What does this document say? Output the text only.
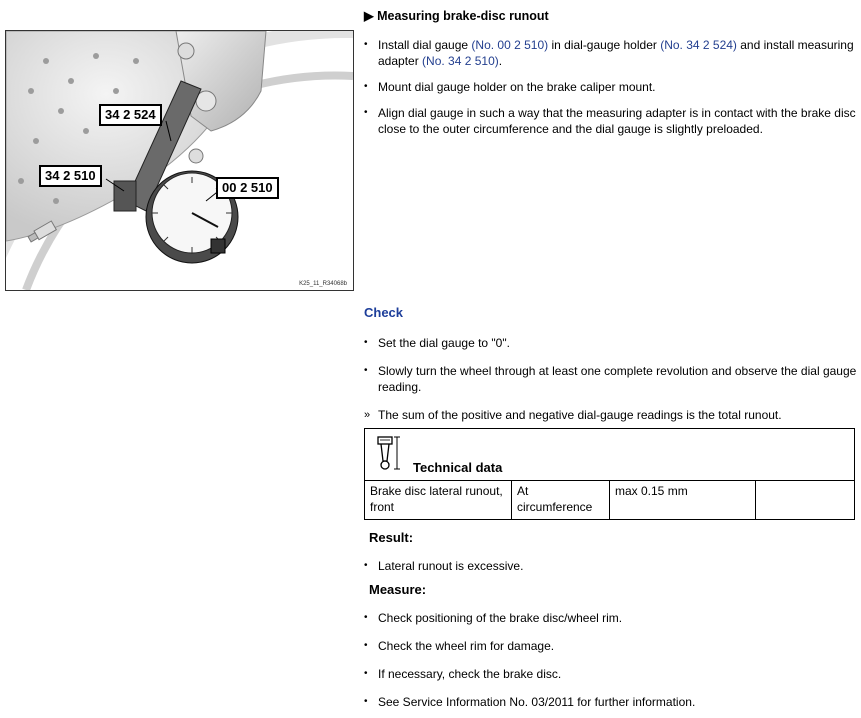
34 2 524
34 2 510
00 2 510
K25_11_R34068b
▶ Measuring brake-disc runout
• Install dial gauge (No. 00 2 510) in dial-gauge holder (No. 34 2 524) and install measuring adapter (No. 34 2 510).
• Mount dial gauge holder on the brake caliper mount.
• Align dial gauge in such a way that the measuring adapter is in contact with the brake disc close to the outer circumference and the dial gauge is slightly preloaded.
Check
• Set the dial gauge to "0".
• Slowly turn the wheel through at least one complete revolution and observe the dial gauge reading.
» The sum of the positive and negative dial-gauge readings is the total runout.
Technical data
Brake disc lateral runout, front
At circumference
max 0.15 mm
Result:
• Lateral runout is excessive.
Measure:
• Check positioning of the brake disc/wheel rim.
• Check the wheel rim for damage.
• If necessary, check the brake disc.
• See Service Information No. 03/2011 for further information.
